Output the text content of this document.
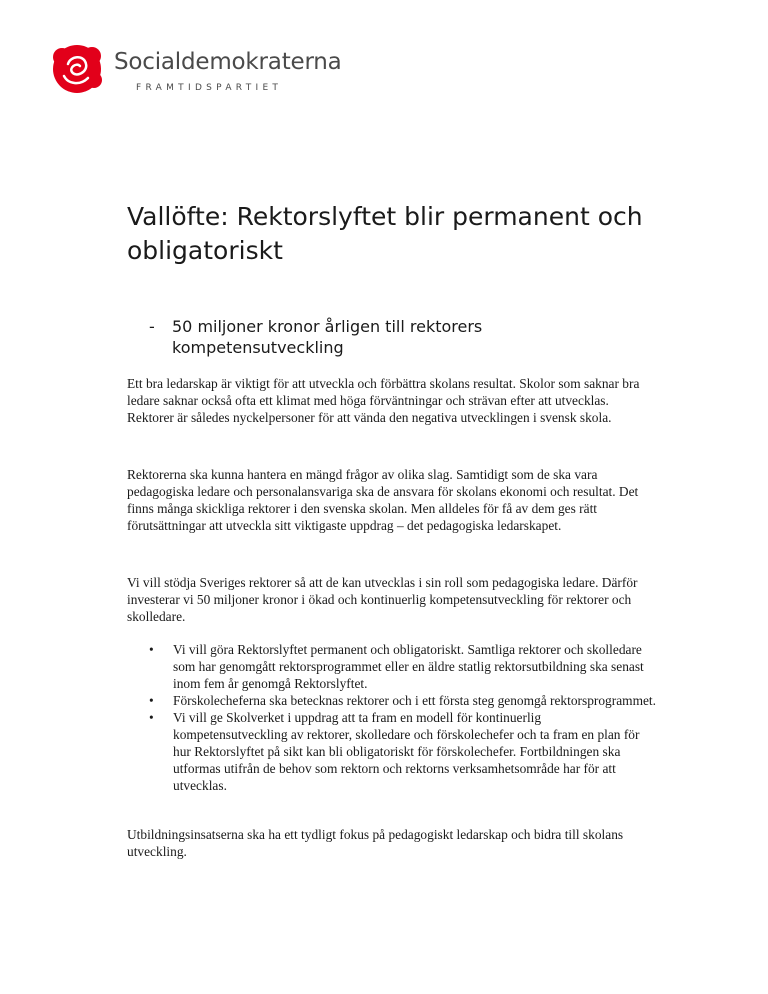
Socialdemokraterna
FRAMTIDSPARTIET
Vallöfte: Rektorslyftet blir permanent och obligatoriskt
- 50 miljoner kronor årligen till rektorers kompetensutveckling
Ett bra ledarskap är viktigt för att utveckla och förbättra skolans resultat. Skolor som saknar bra ledare saknar också ofta ett klimat med höga förväntningar och strävan efter att utvecklas. Rektorer är således nyckelpersoner för att vända den negativa utvecklingen i svensk skola.
Rektorerna ska kunna hantera en mängd frågor av olika slag. Samtidigt som de ska vara pedagogiska ledare och personalansvariga ska de ansvara för skolans ekonomi och resultat. Det finns många skickliga rektorer i den svenska skolan. Men alldeles för få av dem ges rätt förutsättningar att utveckla sitt viktigaste uppdrag – det pedagogiska ledarskapet.
Vi vill stödja Sveriges rektorer så att de kan utvecklas i sin roll som pedagogiska ledare. Därför investerar vi 50 miljoner kronor i ökad och kontinuerlig kompetensutveckling för rektorer och skolledare.
• Vi vill göra Rektorslyftet permanent och obligatoriskt. Samtliga rektorer och skolledare som har genomgått rektorsprogrammet eller en äldre statlig rektorsutbildning ska senast inom fem år genomgå Rektorslyftet.
• Förskolecheferna ska betecknas rektorer och i ett första steg genomgå rektorsprogrammet.
• Vi vill ge Skolverket i uppdrag att ta fram en modell för kontinuerlig kompetensutveckling av rektorer, skolledare och förskolechefer och ta fram en plan för hur Rektorslyftet på sikt kan bli obligatoriskt för förskolechefer. Fortbildningen ska utformas utifrån de behov som rektorn och rektorns verksamhetsområde har för att utvecklas.
Utbildningsinsatserna ska ha ett tydligt fokus på pedagogiskt ledarskap och bidra till skolans utveckling.
